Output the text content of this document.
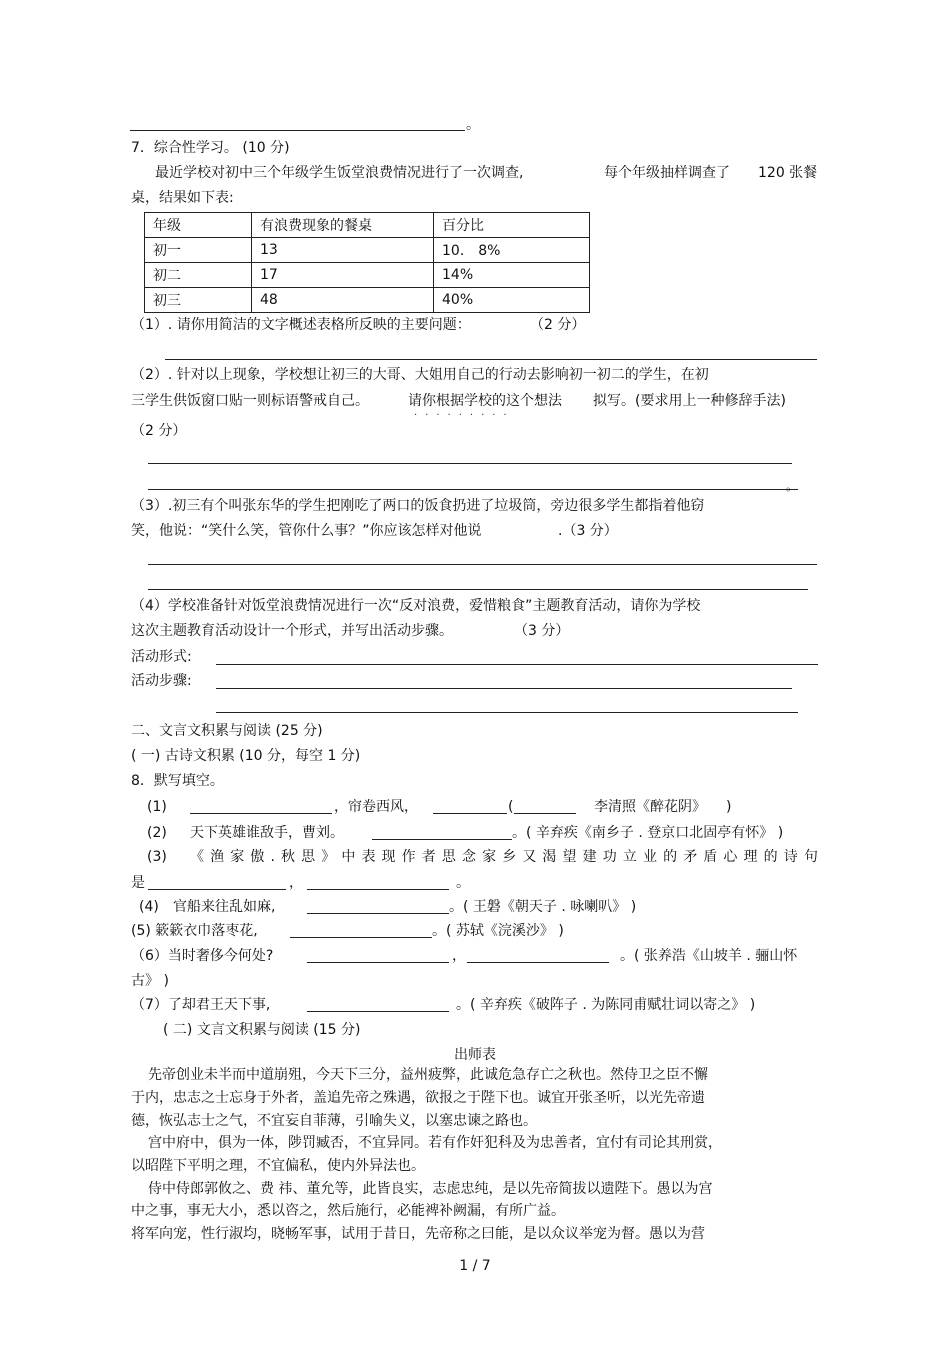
。
7．综合性学习。 (10 分)
最近学校对初中三个年级学生饭堂浪费情况进行了一次调查,	每个年级抽样调查了 120 张餐
桌，结果如下表:
年级	有浪费现象的餐桌	百分比
初一	13	10． 8%
初二	17	14%
初三	48	40%
（1）. 请你用简洁的文字概述表格所反映的主要问题：	（2 分）
（2）. 针对以上现象，学校想让初三的大哥、大姐用自己的行动去影响初一初二的学生，在初
三学生供饭窗口贴一则标语警戒自己。	请你根据学校的这个想法 拟写。(要求用上一种修辞手法)
·········
（2 分）
。
（3）.初三有个叫张东华的学生把刚吃了两口的饭食扔进了垃圾筒，旁边很多学生都指着他窃
笑，他说：“笑什么笑，管你什么事？”你应该怎样对他说	.（3 分）
（4）学校准备针对饭堂浪费情况进行一次“反对浪费，爱惜粮食”主题教育活动，请你为学校
这次主题教育活动设计一个形式，并写出活动步骤。	（3 分）
活动形式:
活动步骤:
二、文言文积累与阅读 (25 分)
( 一) 古诗文积累 (10 分，每空 1 分)
8．默写填空。
(1)	，帘卷西风，	(	李清照《醉花阴》 )
(2) 天下英雄谁敌手，曹刘。	。( 辛弃疾《南乡子 . 登京口北固亭有怀》 )
(3) 《 渔 家 傲 . 秋 思 》 中 表 现 作 者 思 念 家 乡 又 渴 望 建 功 立 业 的 矛 盾 心 理 的 诗 句
是	，	。
(4) 官船来往乱如麻,	。( 王磐《朝天子 . 咏喇叭》 )
(5) 簌簌衣巾落枣花,	。( 苏轼《浣溪沙》 )
（6）当时奢侈今何处?	，	。( 张养浩《山坡羊 . 骊山怀
古》 )
（7）了却君王天下事,	。( 辛弃疾《破阵子 . 为陈同甫赋壮词以寄之》 )
( 二) 文言文积累与阅读 (15 分)
出师表
先帝创业未半而中道崩殂，今天下三分，益州疲弊，此诚危急存亡之秋也。然侍卫之臣不懈
于内，忠志之士忘身于外者，盖追先帝之殊遇，欲报之于陛下也。诚宜开张圣听，以光先帝遗
德，恢弘志士之气，不宜妄自菲薄，引喻失义，以塞忠谏之路也。
宫中府中，俱为一体，陟罚臧否，不宜异同。若有作奸犯科及为忠善者，宜付有司论其刑赏，
以昭陛下平明之理，不宜偏私，使内外异法也。
侍中侍郎郭攸之、费 祎、董允等，此皆良实，志虑忠纯，是以先帝简拔以遗陛下。愚以为宫
中之事，事无大小，悉以咨之，然后施行，必能裨补阙漏，有所广益。
将军向宠，性行淑均，晓畅军事，试用于昔日，先帝称之曰能，是以众议举宠为督。愚以为营
1 / 7
